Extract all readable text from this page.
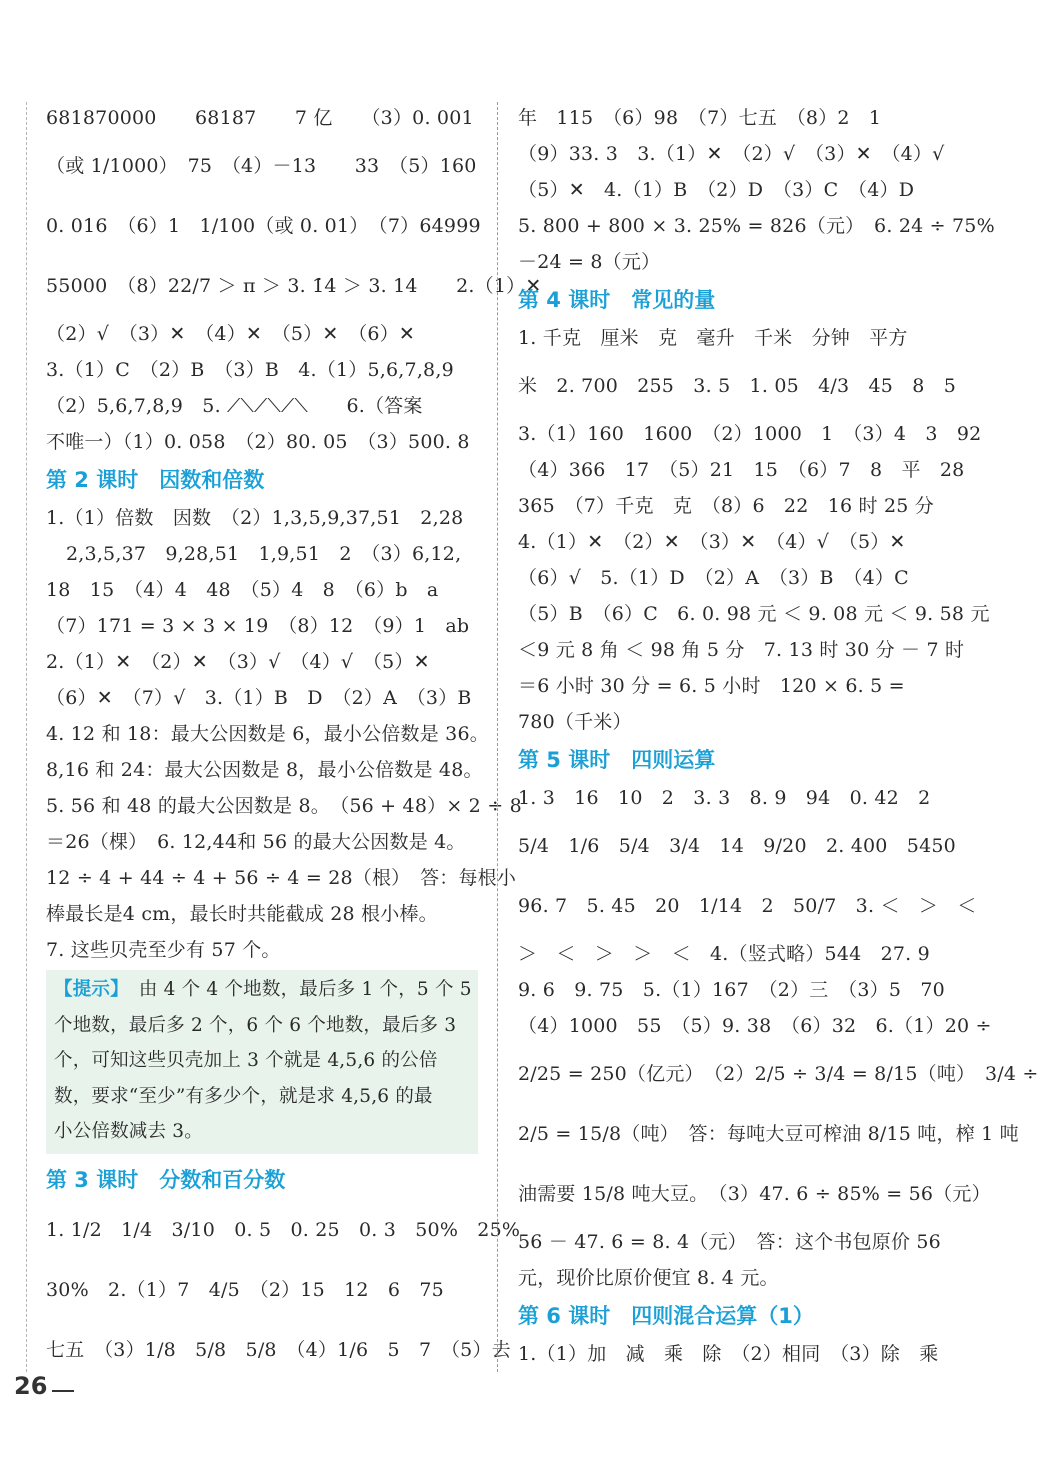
681870000　　68187　　7 亿　　（3）0. 001
（或 1/1000）　75　（4）－13　　33　（5）160
0. 016　（6）1　1/100（或 0. 01）　（7）64999
55000　（8）22/7 ＞ π ＞ 3. 1̇4̇ ＞ 3. 14　　2.（1）✕
（2）√　（3）✕　（4）✕　（5）✕　（6）✕
3.（1）C　（2）B　（3）B　4.（1）5,6,7,8,9
（2）5,6,7,8,9　5. ⟋⟍⟋⟍⟋⟍　　6.（答案
不唯一）（1）0. 058　（2）80. 05　（3）500. 8
第 2 课时　因数和倍数
1.（1）倍数　因数　（2）1,3,5,9,37,51　2,28
2,3,5,37　9,28,51　1,9,51　2　（3）6,12,
18　15　（4）4　48　（5）4　8　（6）b　a
（7）171 = 3 × 3 × 19　（8）12　（9）1　ab
2.（1）✕　（2）✕　（3）√　（4）√　（5）✕
（6）✕　（7）√　3.（1）B　D　（2）A　（3）B
4. 12 和 18：最大公因数是 6，最小公倍数是 36。
8,16 和 24：最大公因数是 8，最小公倍数是 48。
5. 56 和 48 的最大公因数是 8。　（56 + 48）× 2 ÷ 8
＝26（棵）　6. 12,44和 56 的最大公因数是 4。
12 ÷ 4 + 44 ÷ 4 + 56 ÷ 4 = 28（根）　答：每根小
棒最长是4 cm，最长时共能截成 28 根小棒。
7. 这些贝壳至少有 57 个。
【提示】 由 4 个 4 个地数，最后多 1 个，5 个 5
个地数，最后多 2 个，6 个 6 个地数，最后多 3
个，可知这些贝壳加上 3 个就是 4,5,6 的公倍
数，要求“至少”有多少个，就是求 4,5,6 的最
小公倍数减去 3。
第 3 课时　分数和百分数
1. 1/2　1/4　3/10　0. 5　0. 25　0. 3　50%　25%
30%　2.（1）7　4/5　（2）15　12　6　75
七五　（3）1/8　5/8　5/8　（4）1/6　5　7　（5）去
年　115　（6）98　（7）七五　（8）2　1
（9）33. 3　3.（1）✕　（2）√　（3）✕　（4）√
（5）✕　4.（1）B　（2）D　（3）C　（4）D
5. 800 + 800 × 3. 25% = 826（元）　6. 24 ÷ 75%
－24 = 8（元）
第 4 课时　常见的量
1. 千克　厘米　克　毫升　千米　分钟　平方
米　2. 700　255　3. 5　1. 05　4/3　45　8　5
3.（1）160　1600　（2）1000　1　（3）4　3　92
（4）366　17　（5）21　15　（6）7　8　平　28
365　（7）千克　克　（8）6　22　16 时 25 分
4.（1）✕　（2）✕　（3）✕　（4）√　（5）✕
（6）√　5.（1）D　（2）A　（3）B　（4）C
（5）B　（6）C　6. 0. 98 元 ＜ 9. 08 元 ＜ 9. 58 元
＜9 元 8 角 ＜ 98 角 5 分　7. 13 时 30 分 － 7 时
＝6 小时 30 分 = 6. 5 小时　120 × 6. 5 =
780（千米）
第 5 课时　四则运算
1. 3　16　10　2　3. 3　8. 9　94　0. 42　2
5/4　1/6　5/4　3/4　14　9/20　2. 400　5450
96. 7　5. 45　20　1/14　2　50/7　3. ＜　＞　＜
＞　＜　＞　＞　＜　4.（竖式略）544　27. 9
9. 6　9. 75　5.（1）167　（2）三　（3）5　70
（4）1000　55　（5）9. 38　（6）32　6.（1）20 ÷
2/25 = 250（亿元）　（2）2/5 ÷ 3/4 = 8/15（吨）　3/4 ÷
2/5 = 15/8（吨）　答：每吨大豆可榨油 8/15 吨，榨 1 吨
油需要 15/8 吨大豆。　（3）47. 6 ÷ 85% = 56（元）
56 － 47. 6 = 8. 4（元）　答：这个书包原价 56
元，现价比原价便宜 8. 4 元。
第 6 课时　四则混合运算（1）
1.（1）加　减　乘　除　（2）相同　（3）除　乘
26
